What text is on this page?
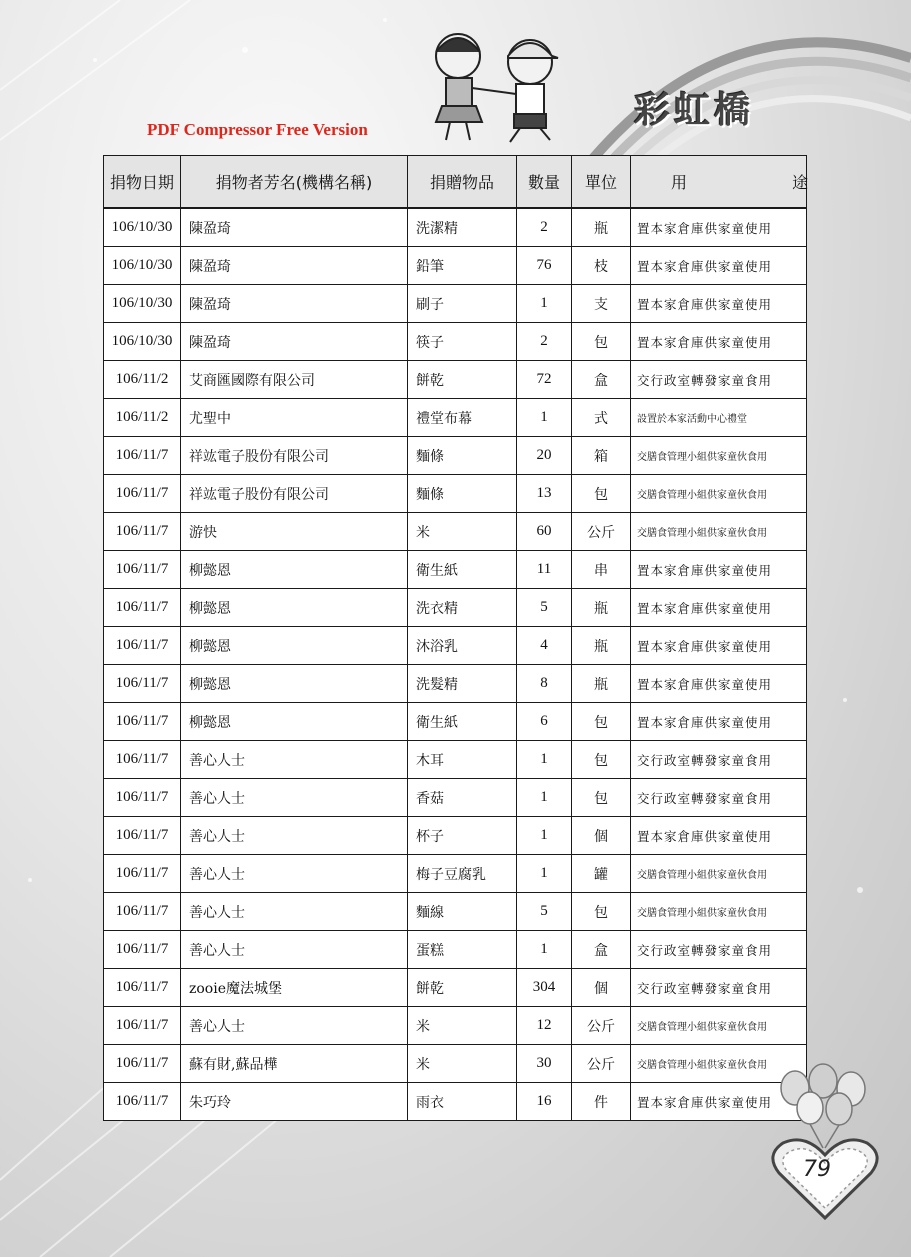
PDF Compressor Free Version	彩虹橋
捐物日期	捐物者芳名(機構名稱)	捐贈物品	數量	單位	用 途
106/10/30	陳盈琦	洗潔精	2	瓶	置本家倉庫供家童使用
106/10/30	陳盈琦	鉛筆	76	枝	置本家倉庫供家童使用
106/10/30	陳盈琦	刷子	1	支	置本家倉庫供家童使用
106/10/30	陳盈琦	筷子	2	包	置本家倉庫供家童使用
106/11/2	艾商匯國際有限公司	餅乾	72	盒	交行政室轉發家童食用
106/11/2	尤聖中	禮堂布幕	1	式	設置於本家活動中心禮堂
106/11/7	祥竑電子股份有限公司	麵條	20	箱	交膳食管理小組供家童伙食用
106/11/7	祥竑電子股份有限公司	麵條	13	包	交膳食管理小組供家童伙食用
106/11/7	游快	米	60	公斤	交膳食管理小組供家童伙食用
106/11/7	柳懿恩	衛生紙	11	串	置本家倉庫供家童使用
106/11/7	柳懿恩	洗衣精	5	瓶	置本家倉庫供家童使用
106/11/7	柳懿恩	沐浴乳	4	瓶	置本家倉庫供家童使用
106/11/7	柳懿恩	洗髮精	8	瓶	置本家倉庫供家童使用
106/11/7	柳懿恩	衛生紙	6	包	置本家倉庫供家童使用
106/11/7	善心人士	木耳	1	包	交行政室轉發家童食用
106/11/7	善心人士	香菇	1	包	交行政室轉發家童食用
106/11/7	善心人士	杯子	1	個	置本家倉庫供家童使用
106/11/7	善心人士	梅子豆腐乳	1	罐	交膳食管理小組供家童伙食用
106/11/7	善心人士	麵線	5	包	交膳食管理小組供家童伙食用
106/11/7	善心人士	蛋糕	1	盒	交行政室轉發家童食用
106/11/7	zooie魔法城堡	餅乾	304	個	交行政室轉發家童食用
106/11/7	善心人士	米	12	公斤	交膳食管理小組供家童伙食用
106/11/7	蘇有財,蘇品樺	米	30	公斤	交膳食管理小組供家童伙食用
106/11/7	朱巧玲	雨衣	16	件	置本家倉庫供家童使用
79
